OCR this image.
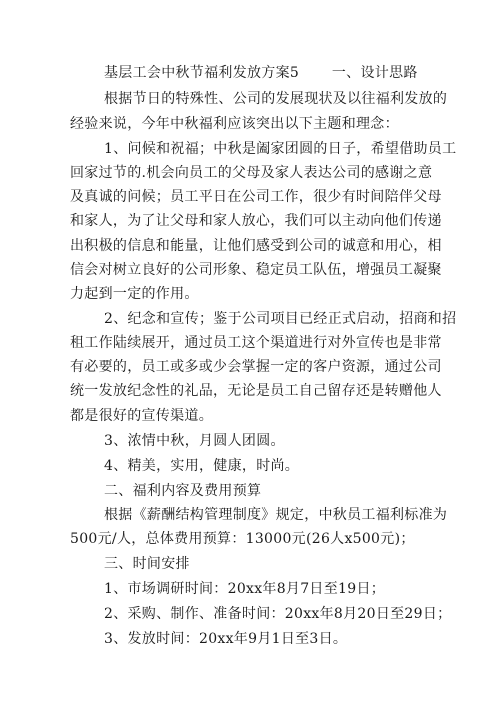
基层工会中秋节福利发放方案5 一、设计思路
根据节日的特殊性、公司的发展现状及以往福利发放的
经验来说，今年中秋福利应该突出以下主题和理念：
1、问候和祝福；中秋是阖家团圆的日子，希望借助员工
回家过节的.机会向员工的父母及家人表达公司的感谢之意
及真诚的问候；员工平日在公司工作，很少有时间陪伴父母
和家人，为了让父母和家人放心，我们可以主动向他们传递
出积极的信息和能量，让他们感受到公司的诚意和用心，相
信会对树立良好的公司形象、稳定员工队伍，增强员工凝聚
力起到一定的作用。
2、纪念和宣传；鉴于公司项目已经正式启动，招商和招
租工作陆续展开，通过员工这个渠道进行对外宣传也是非常
有必要的，员工或多或少会掌握一定的客户资源，通过公司
统一发放纪念性的礼品，无论是员工自己留存还是转赠他人
都是很好的宣传渠道。
3、浓情中秋，月圆人团圆。
4、精美，实用，健康，时尚。
二、福利内容及费用预算
根据《薪酬结构管理制度》规定，中秋员工福利标准为
500元/人，总体费用预算：13000元(26人x500元)；
三、时间安排
1、市场调研时间：20xx年8月7日至19日；
2、采购、制作、准备时间：20xx年8月20日至29日；
3、发放时间：20xx年9月1日至3日。
